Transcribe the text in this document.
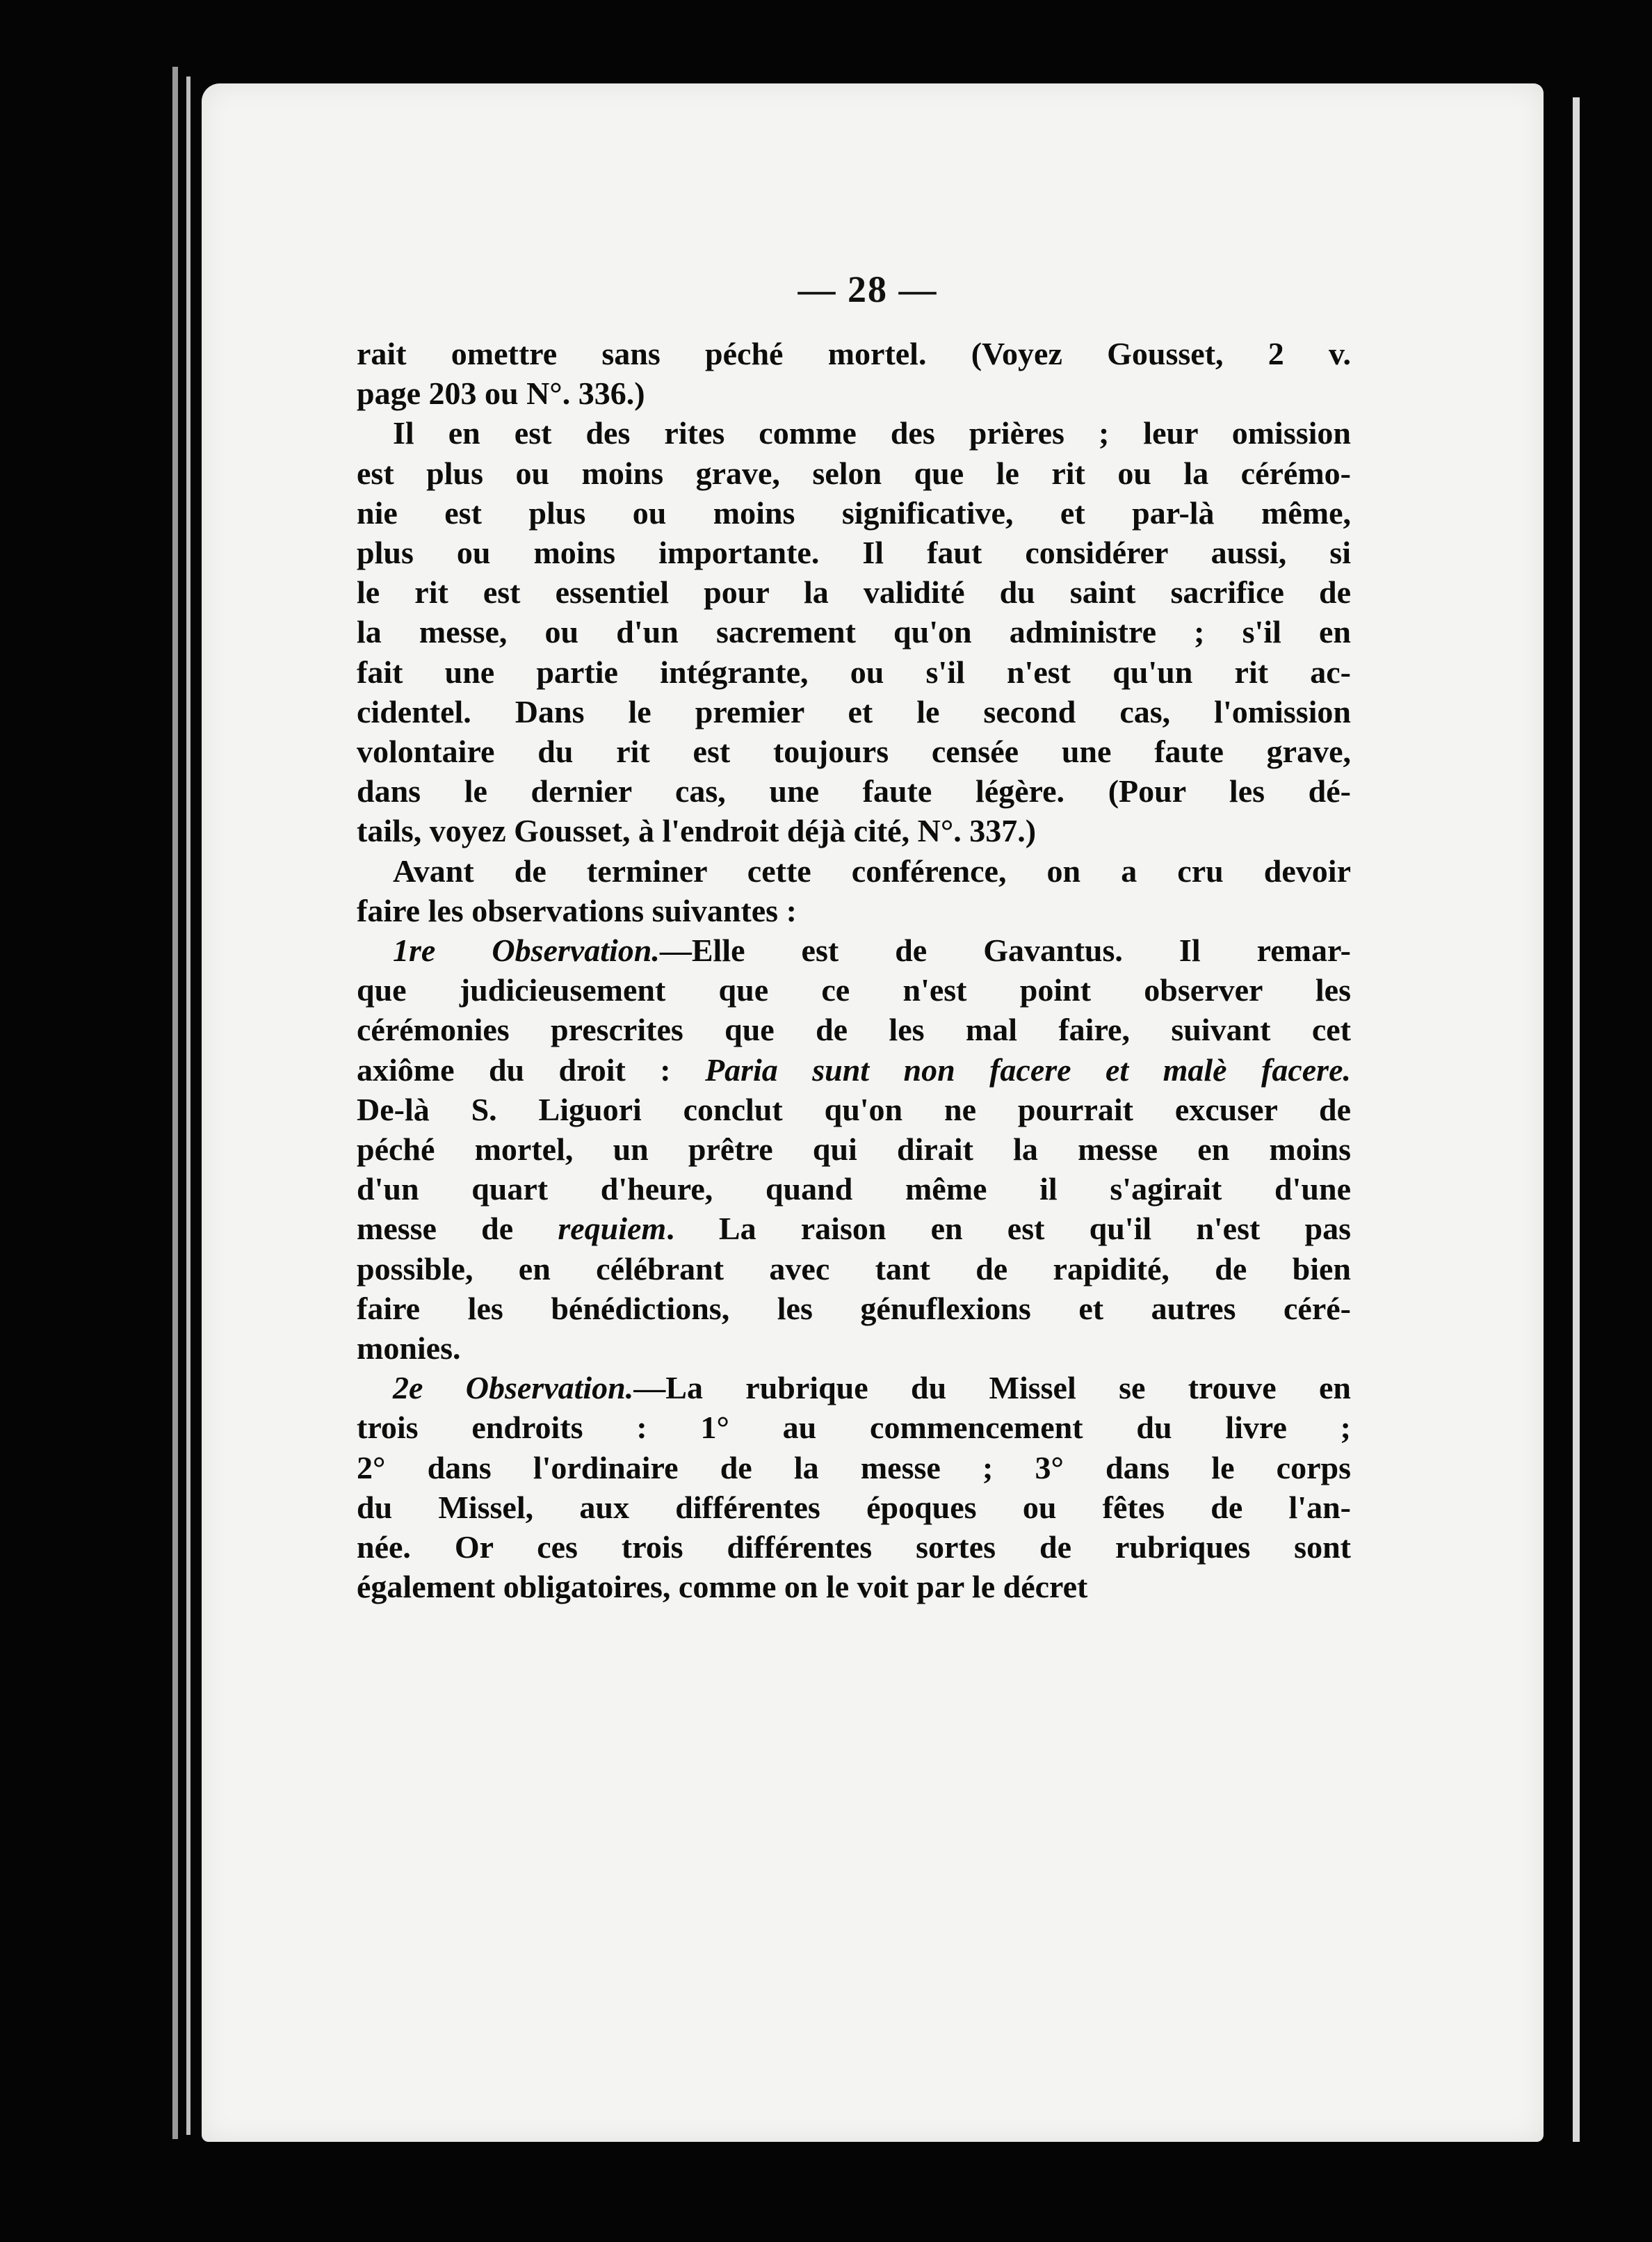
— 28 —
rait omettre sans péché mortel. (Voyez Gousset, 2 v.
page 203 ou N°. 336.)
Il en est des rites comme des prières ; leur omission
est plus ou moins grave, selon que le rit ou la cérémo-
nie est plus ou moins significative, et par-là même,
plus ou moins importante. Il faut considérer aussi, si
le rit est essentiel pour la validité du saint sacrifice de
la messe, ou d'un sacrement qu'on administre ; s'il en
fait une partie intégrante, ou s'il n'est qu'un rit ac-
cidentel. Dans le premier et le second cas, l'omission
volontaire du rit est toujours censée une faute grave,
dans le dernier cas, une faute légère. (Pour les dé-
tails, voyez Gousset, à l'endroit déjà cité, N°. 337.)
Avant de terminer cette conférence, on a cru devoir
faire les observations suivantes :
1re Observation.—Elle est de Gavantus. Il remar-
que judicieusement que ce n'est point observer les
cérémonies prescrites que de les mal faire, suivant cet
axiôme du droit : Paria sunt non facere et malè facere.
De-là S. Liguori conclut qu'on ne pourrait excuser de
péché mortel, un prêtre qui dirait la messe en moins
d'un quart d'heure, quand même il s'agirait d'une
messe de requiem. La raison en est qu'il n'est pas
possible, en célébrant avec tant de rapidité, de bien
faire les bénédictions, les génuflexions et autres céré-
monies.
2e Observation.—La rubrique du Missel se trouve en
trois endroits : 1° au commencement du livre ;
2° dans l'ordinaire de la messe ; 3° dans le corps
du Missel, aux différentes époques ou fêtes de l'an-
née. Or ces trois différentes sortes de rubriques sont
également obligatoires, comme on le voit par le décret
